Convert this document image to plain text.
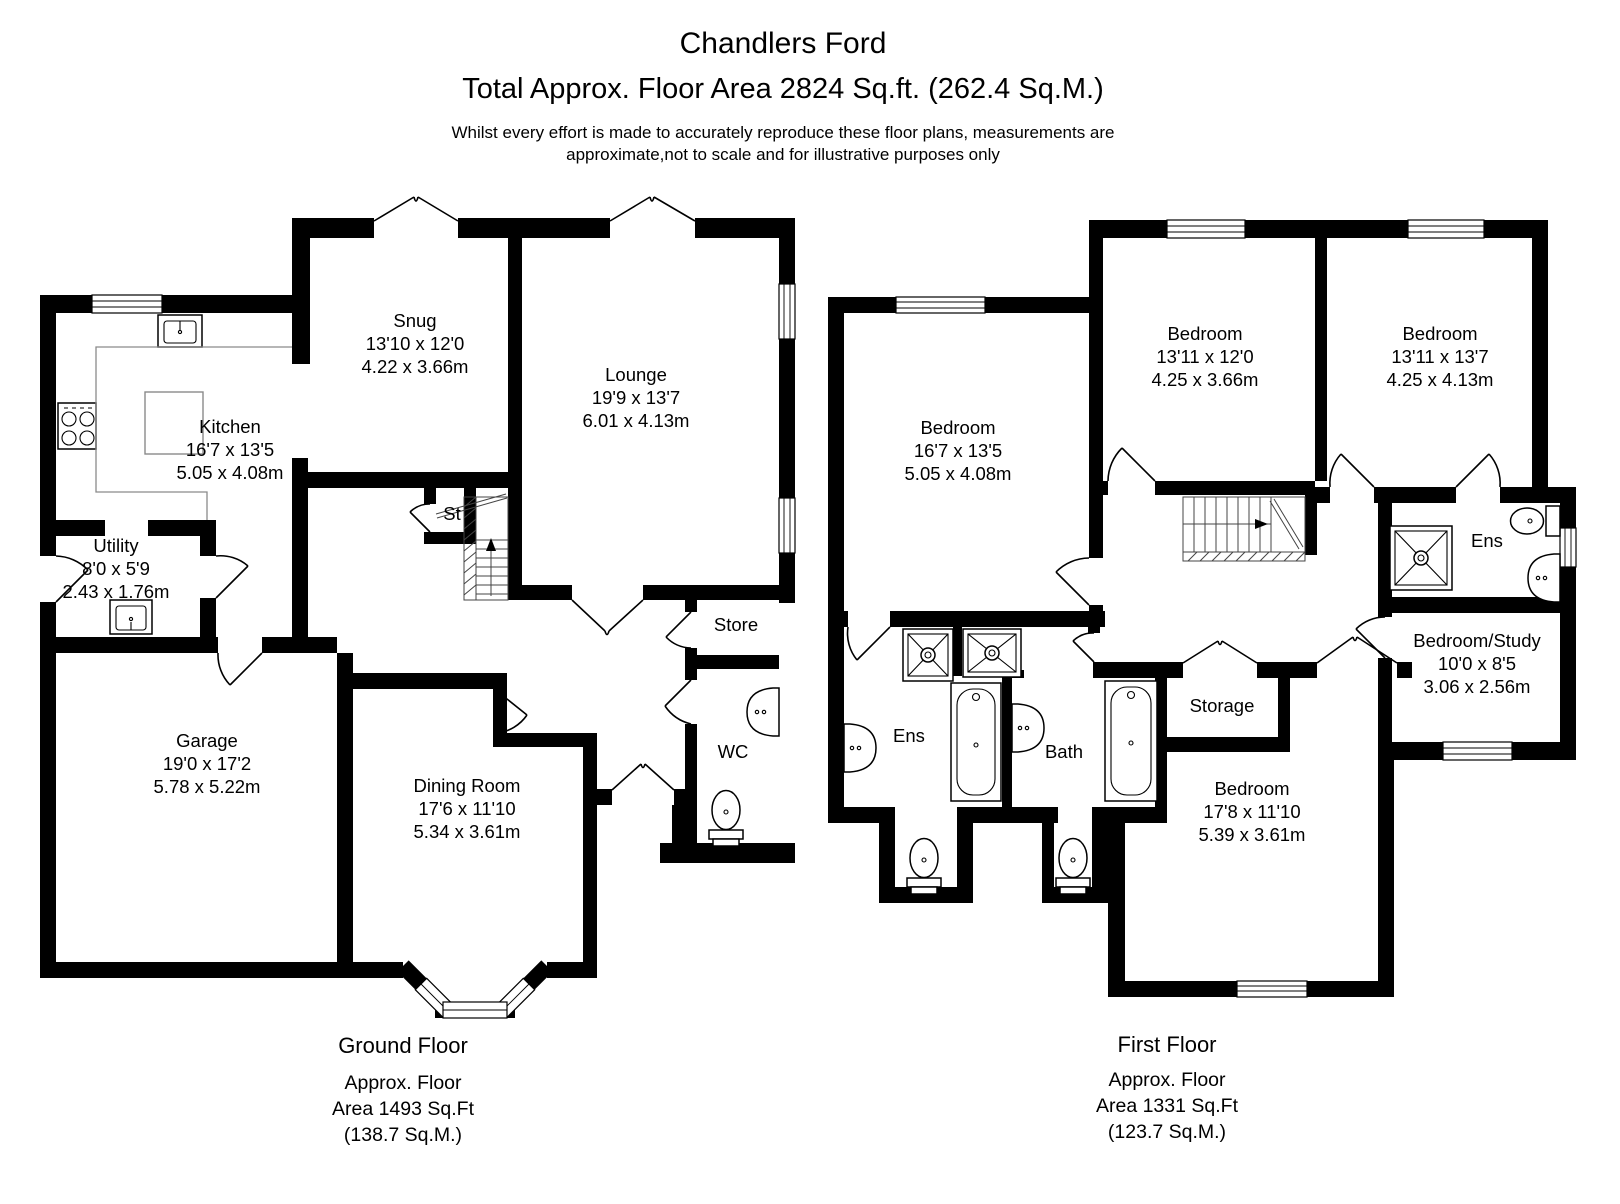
Chandlers Ford
Total Approx. Floor Area 2824 Sq.ft. (262.4 Sq.M.)
Whilst every effort is made to accurately reproduce these floor plans, measurements are
approximate,not to scale and for illustrative purposes only
Snug 13'10 x 12'0 4.22 x 3.66m	Lounge 19'9 x 13'7 6.01 x 4.13m
Kitchen 16'7 x 13'5 5.05 x 4.08m
Utility 8'0 x 5'9 2.43 x 1.76m
Garage 19'0 x 17'2 5.78 x 5.22m	Dining Room 17'6 x 11'10 5.34 x 3.61m
Store
WC
St
Ground Floor
Approx. Floor Area 1493 Sq.Ft (138.7 Sq.M.)
Bedroom 16'7 x 13'5 5.05 x 4.08m
Bedroom 13'11 x 12'0 4.25 x 3.66m
Bedroom 13'11 x 13'7 4.25 x 4.13m
Bedroom 17'8 x 11'10 5.39 x 3.61m
Bedroom/Study 10'0 x 8'5 3.06 x 2.56m
Ens
Bath
Ens
Storage
First Floor
Approx. Floor Area 1331 Sq.Ft (123.7 Sq.M.)
